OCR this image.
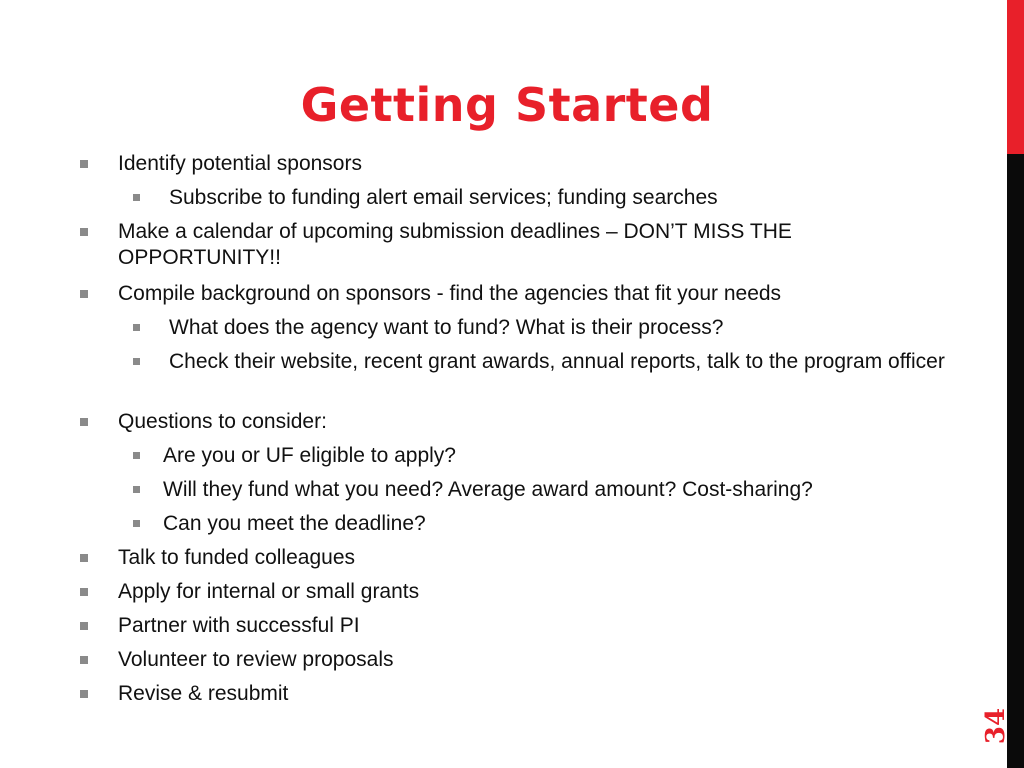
Getting Started
Identify potential sponsors
Subscribe to funding alert email services; funding searches
Make a calendar of upcoming submission deadlines – DON’T MISS THE OPPORTUNITY!!
Compile background on sponsors - find the agencies that fit your needs
What does the agency want to fund? What is their process?
Check their website, recent grant awards, annual reports, talk to the program officer
Questions to consider:
Are you or UF eligible to apply?
Will they fund what you need? Average award amount? Cost-sharing?
Can you meet the deadline?
Talk to funded colleagues
Apply for internal or small grants
Partner with successful PI
Volunteer to review proposals
Revise & resubmit
34
